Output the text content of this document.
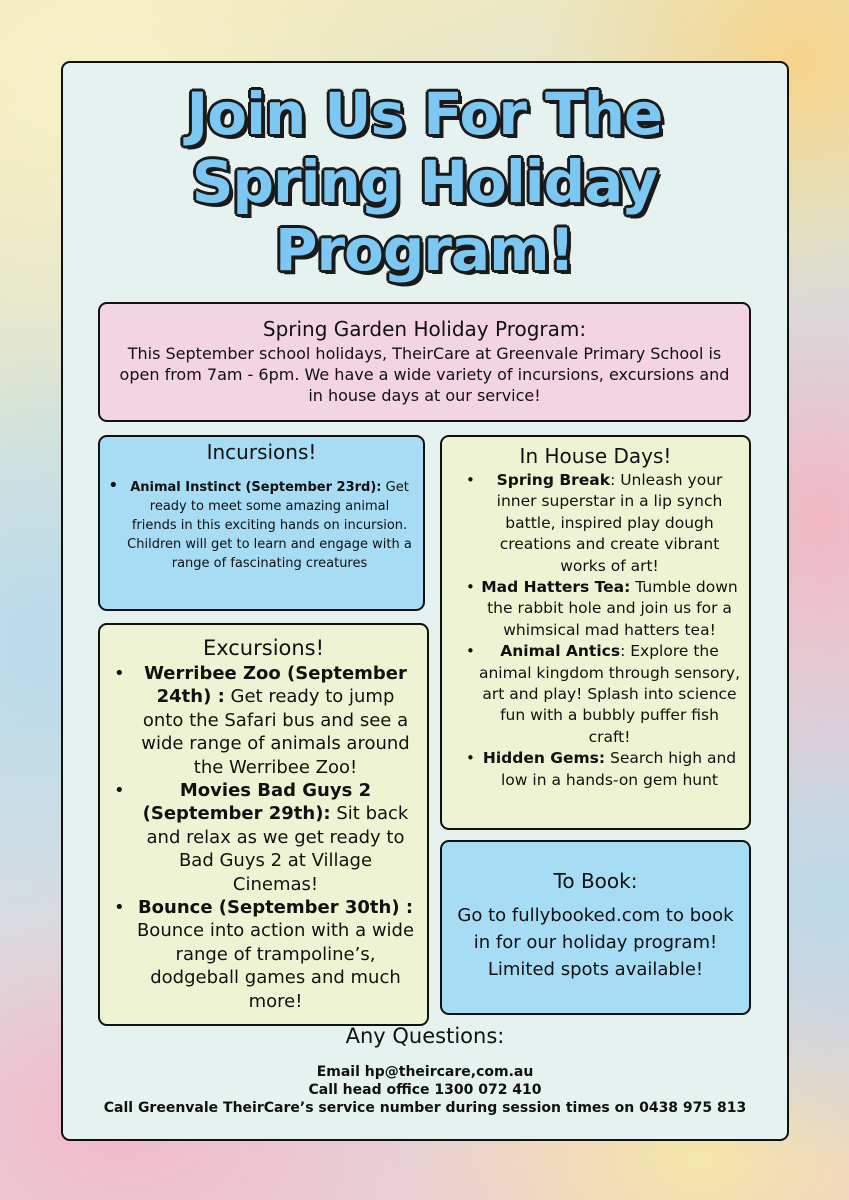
Join Us For The
Spring Holiday
Program!
Spring Garden Holiday Program:

This September school holidays, TheirCare at Greenvale Primary School is open from 7am - 6pm. We have a wide variety of incursions, excursions and in house days at our service!

Incursions!
• Animal Instinct (September 23rd): Get ready to meet some amazing animal friends in this exciting hands on incursion. Children will get to learn and engage with a range of fascinating creatures
Excursions!
• Werribee Zoo (September 24th) : Get ready to jump onto the Safari bus and see a wide range of animals around the Werribee Zoo!
• Movies Bad Guys 2 (September 29th): Sit back and relax as we get ready to Bad Guys 2 at Village Cinemas!
• Bounce (September 30th) : Bounce into action with a wide range of trampoline’s, dodgeball games and much more!
In House Days!
• Spring Break: Unleash your inner superstar in a lip synch battle, inspired play dough creations and create vibrant works of art!
• Mad Hatters Tea: Tumble down the rabbit hole and join us for a whimsical mad hatters tea!
• Animal Antics: Explore the animal kingdom through sensory, art and play! Splash into science fun with a bubbly puffer fish craft!
• Hidden Gems: Search high and low in a hands-on gem hunt
To Book:

Go to fullybooked.com to book in for our holiday program! Limited spots available!

Any Questions:

Email hp@theircare,com.au

Call head office 1300 072 410

Call Greenvale TheirCare’s service number during session times on 0438 975 813
